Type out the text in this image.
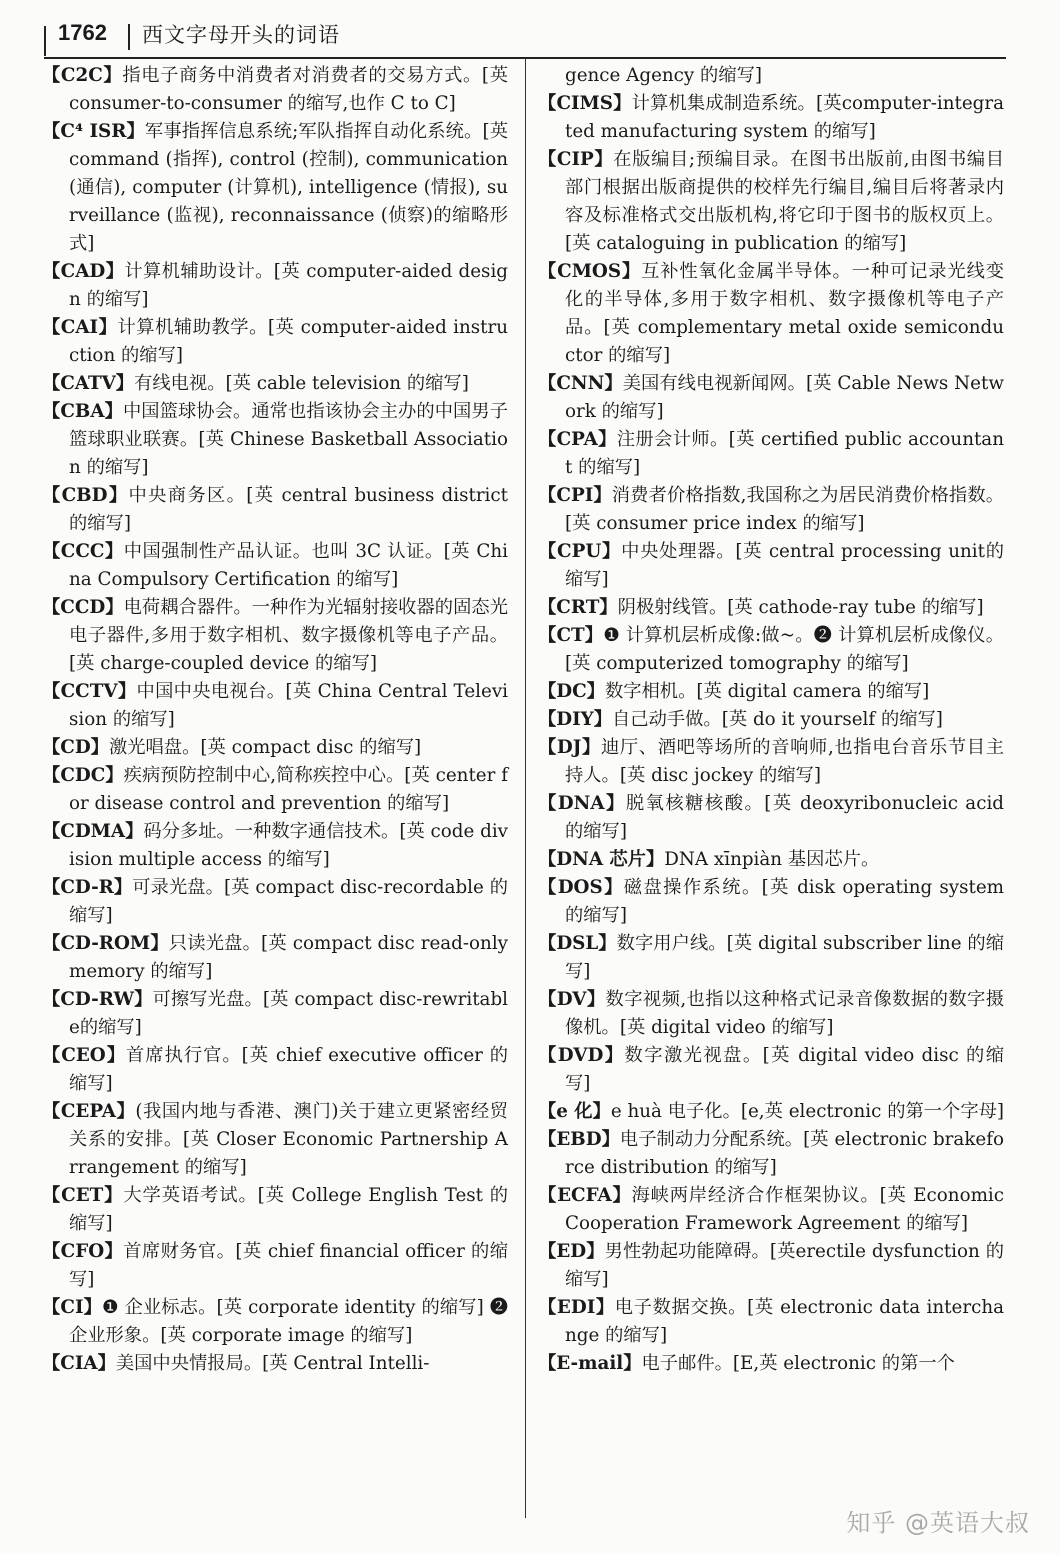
1762 西文字母开头的词语

【C2C】指电子商务中消费者对消费者的交易方式。[英 consumer-to-consumer 的缩写,也作 C to C]

【C⁴ ISR】军事指挥信息系统;军队指挥自动化系统。[英 command (指挥), control (控制), communication (通信), computer (计算机), intelligence (情报), surveillance (监视), reconnaissance (侦察)的缩略形式]

【CAD】计算机辅助设计。[英 computer-aided design 的缩写]

【CAI】计算机辅助教学。[英 computer-aided instruction 的缩写]

【CATV】有线电视。[英 cable television 的缩写]

【CBA】中国篮球协会。通常也指该协会主办的中国男子篮球职业联赛。[英 Chinese Basketball Association 的缩写]

【CBD】中央商务区。[英 central business district 的缩写]

【CCC】中国强制性产品认证。也叫 3C 认证。[英 China Compulsory Certification 的缩写]

【CCD】电荷耦合器件。一种作为光辐射接收器的固态光电子器件,多用于数字相机、数字摄像机等电子产品。[英 charge-coupled device 的缩写]

【CCTV】中国中央电视台。[英 China Central Television 的缩写]

【CD】激光唱盘。[英 compact disc 的缩写]

【CDC】疾病预防控制中心,简称疾控中心。[英 center for disease control and prevention 的缩写]

【CDMA】码分多址。一种数字通信技术。[英 code division multiple access 的缩写]

【CD-R】可录光盘。[英 compact disc-recordable 的缩写]

【CD-ROM】只读光盘。[英 compact disc read-only memory 的缩写]

【CD-RW】可擦写光盘。[英 compact disc-rewritable的缩写]

【CEO】首席执行官。[英 chief executive officer 的缩写]

【CEPA】(我国内地与香港、澳门)关于建立更紧密经贸关系的安排。[英 Closer Economic Partnership Arrangement 的缩写]

【CET】大学英语考试。[英 College English Test 的缩写]

【CFO】首席财务官。[英 chief financial officer 的缩写]

【CI】❶ 企业标志。[英 corporate identity 的缩写] ❷ 企业形象。[英 corporate image 的缩写]

【CIA】美国中央情报局。[英 Central Intelli-

gence Agency 的缩写]

【CIMS】计算机集成制造系统。[英computer-integrated manufacturing system 的缩写]

【CIP】在版编目;预编目录。在图书出版前,由图书编目部门根据出版商提供的校样先行编目,编目后将著录内容及标准格式交出版机构,将它印于图书的版权页上。[英 cataloguing in publication 的缩写]

【CMOS】互补性氧化金属半导体。一种可记录光线变化的半导体,多用于数字相机、数字摄像机等电子产品。[英 complementary metal oxide semiconductor 的缩写]

【CNN】美国有线电视新闻网。[英 Cable News Network 的缩写]

【CPA】注册会计师。[英 certified public accountant 的缩写]

【CPI】消费者价格指数,我国称之为居民消费价格指数。[英 consumer price index 的缩写]

【CPU】中央处理器。[英 central processing unit的缩写]

【CRT】阴极射线管。[英 cathode-ray tube 的缩写]

【CT】❶ 计算机层析成像:做~。❷ 计算机层析成像仪。[英 computerized tomography 的缩写]

【DC】数字相机。[英 digital camera 的缩写]

【DIY】自己动手做。[英 do it yourself 的缩写]

【DJ】迪厅、酒吧等场所的音响师,也指电台音乐节目主持人。[英 disc jockey 的缩写]

【DNA】脱氧核糖核酸。[英 deoxyribonucleic acid 的缩写]

【DNA 芯片】DNA xīnpiàn 基因芯片。

【DOS】磁盘操作系统。[英 disk operating system 的缩写]

【DSL】数字用户线。[英 digital subscriber line 的缩写]

【DV】数字视频,也指以这种格式记录音像数据的数字摄像机。[英 digital video 的缩写]

【DVD】数字激光视盘。[英 digital video disc 的缩写]

【e 化】e huà 电子化。[e,英 electronic 的第一个字母]

【EBD】电子制动力分配系统。[英 electronic brakeforce distribution 的缩写]

【ECFA】海峡两岸经济合作框架协议。[英 Economic Cooperation Framework Agreement 的缩写]

【ED】男性勃起功能障碍。[英erectile dysfunction 的缩写]

【EDI】电子数据交换。[英 electronic data interchange 的缩写]

【E-mail】电子邮件。[E,英 electronic 的第一个

知乎 @英语大叔
